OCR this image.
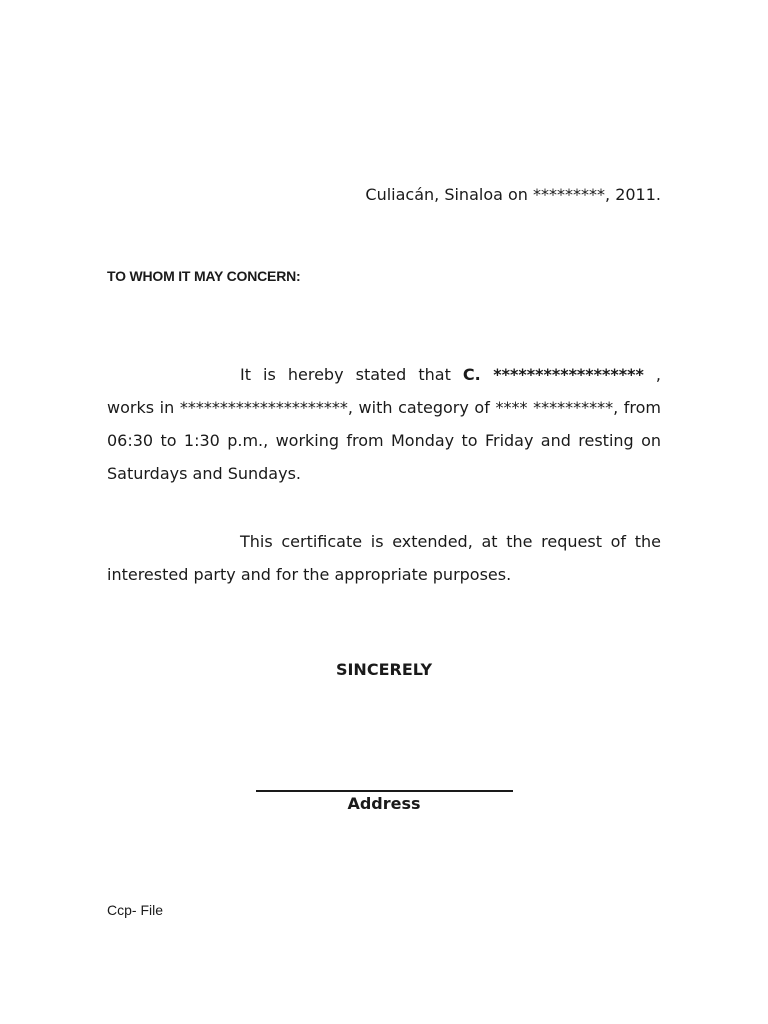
Culiacán, Sinaloa on *********, 2011.
TO WHOM IT MAY CONCERN:
It is hereby stated that C. ****************** , works in *********************, with category of **** **********, from 06:30 to 1:30 p.m., working from Monday to Friday and resting on Saturdays and Sundays.
This certificate is extended, at the request of the interested party and for the appropriate purposes.
SINCERELY
Address
Ccp- File
